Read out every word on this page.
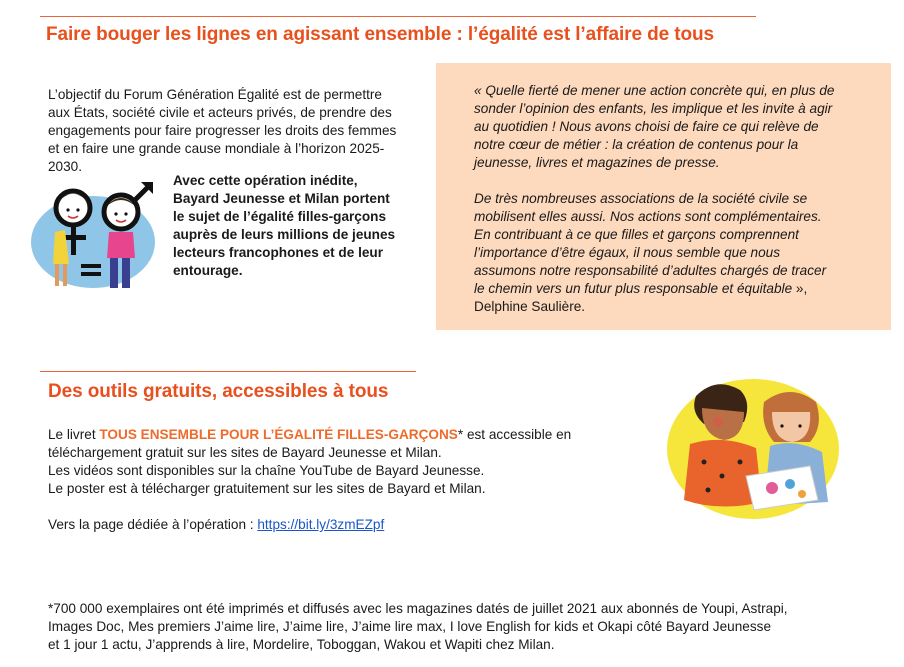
Faire bouger les lignes en agissant ensemble : l’égalité est l’affaire de tous
L’objectif du Forum Génération Égalité est de permettre
aux États, société civile et acteurs privés, de prendre des
engagements pour faire progresser les droits des femmes
et en faire une grande cause mondiale à l’horizon 2025-
2030.
Avec cette opération inédite,
Bayard Jeunesse et Milan portent
le sujet de l’égalité filles-garçons
auprès de leurs millions de jeunes
lecteurs francophones et de leur
entourage.

« Quelle fierté de mener une action concrète qui, en plus de

sonder l’opinion des enfants, les implique et les invite à agir

au quotidien ! Nous avons choisi de faire ce qui relève de

notre cœur de métier : la création de contenus pour la

jeunesse, livres et magazines de presse.

De très nombreuses associations de la société civile se

mobilisent elles aussi. Nos actions sont complémentaires.

En contribuant à ce que filles et garçons comprennent

l’importance d’être égaux, il nous semble que nous

assumons notre responsabilité d’adultes chargés de tracer

le chemin vers un futur plus responsable et équitable »,

Delphine Saulière.

Des outils gratuits, accessibles à tous
Le livret TOUS ENSEMBLE POUR L’ÉGALITÉ FILLES-GARÇONS* est accessible en
téléchargement gratuit sur les sites de Bayard Jeunesse et Milan.
Les vidéos sont disponibles sur la chaîne YouTube de Bayard Jeunesse.
Le poster est à télécharger gratuitement sur les sites de Bayard et Milan.
Vers la page dédiée à l’opération : https://bit.ly/3zmEZpf
*700 000 exemplaires ont été imprimés et diffusés avec les magazines datés de juillet 2021 aux abonnés de Youpi, Astrapi,
Images Doc, Mes premiers J’aime lire, J’aime lire, J’aime lire max, I love English for kids et Okapi côté Bayard Jeunesse
et 1 jour 1 actu, J’apprends à lire, Mordelire, Toboggan, Wakou et Wapiti chez Milan.
